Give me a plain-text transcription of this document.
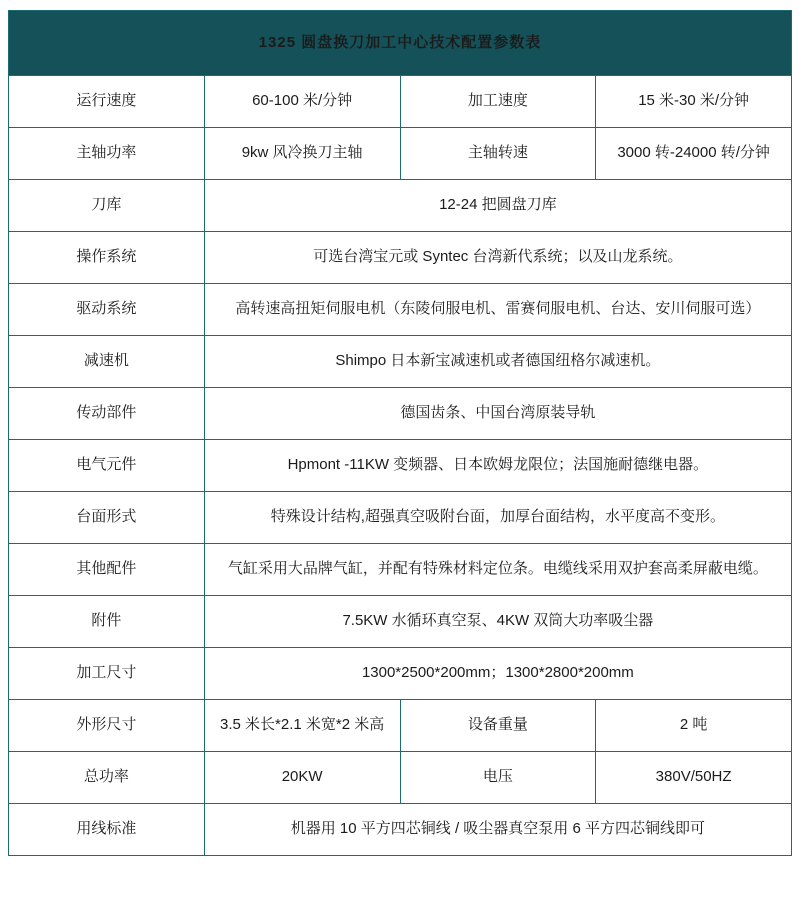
1325 圆盘换刀加工中心技术配置参数表			
运行速度	60-100 米/分钟	加工速度	15 米-30 米/分钟
主轴功率	9kw 风冷换刀主轴	主轴转速	3000 转-24000 转/分钟
刀库	12-24 把圆盘刀库		
操作系统	可选台湾宝元或 Syntec 台湾新代系统；以及山龙系统。		
驱动系统	高转速高扭矩伺服电机（东陵伺服电机、雷赛伺服电机、台达、安川伺服可选）		
减速机	Shimpo 日本新宝减速机或者德国纽格尔减速机。		
传动部件	德国齿条、中国台湾原装导轨		
电气元件	Hpmont -11KW 变频器、日本欧姆龙限位；法国施耐德继电器。		
台面形式	特殊设计结构,超强真空吸附台面，加厚台面结构，水平度高不变形。		
其他配件	气缸采用大品牌气缸，并配有特殊材料定位条。电缆线采用双护套高柔屏蔽电缆。		
附件	7.5KW 水循环真空泵、4KW 双筒大功率吸尘器		
加工尺寸	1300*2500*200mm；1300*2800*200mm		
外形尺寸	3.5 米长*2.1 米宽*2 米高	设备重量	2 吨
总功率	20KW	电压	380V/50HZ
用线标准	机器用 10 平方四芯铜线 / 吸尘器真空泵用 6 平方四芯铜线即可		
